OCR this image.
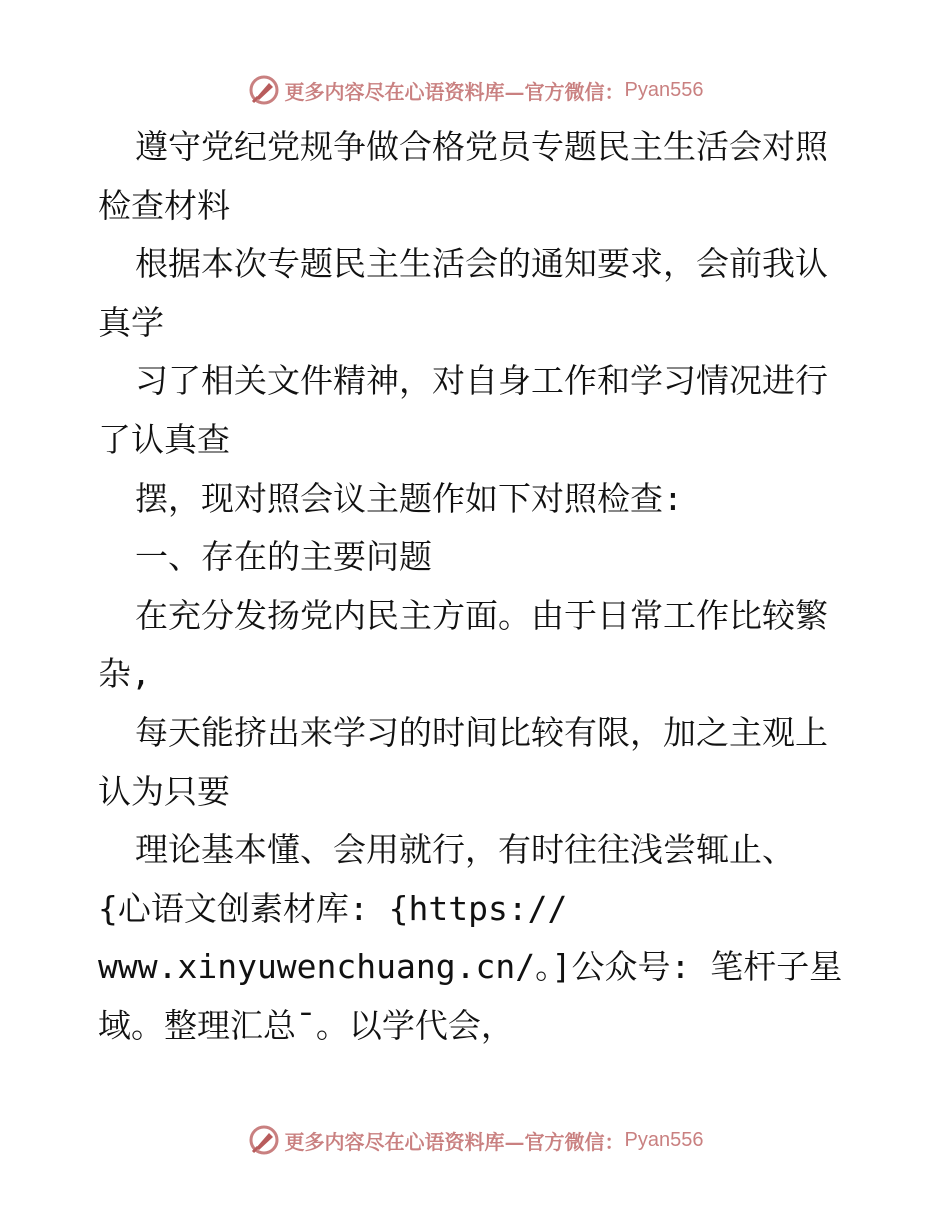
更多内容尽在心语资料库—官方微信： Pyan556
遵守党纪党规争做合格党员专题民主生活会对照
检查材料
根据本次专题民主生活会的通知要求，会前我认
真学
习了相关文件精神，对自身工作和学习情况进行
了认真查
摆，现对照会议主题作如下对照检查:
一、存在的主要问题
在充分发扬党内民主方面。由于日常工作比较繁
杂,
每天能挤出来学习的时间比较有限，加之主观上
认为只要
理论基本懂、会用就行，有时往往浅尝辄止、
{心语文创素材库: {https://
www.xinyuwenchuang.cn/。]公众号: 笔杆子星
域。整理汇总¯。以学代会，
更多内容尽在心语资料库—官方微信： Pyan556
